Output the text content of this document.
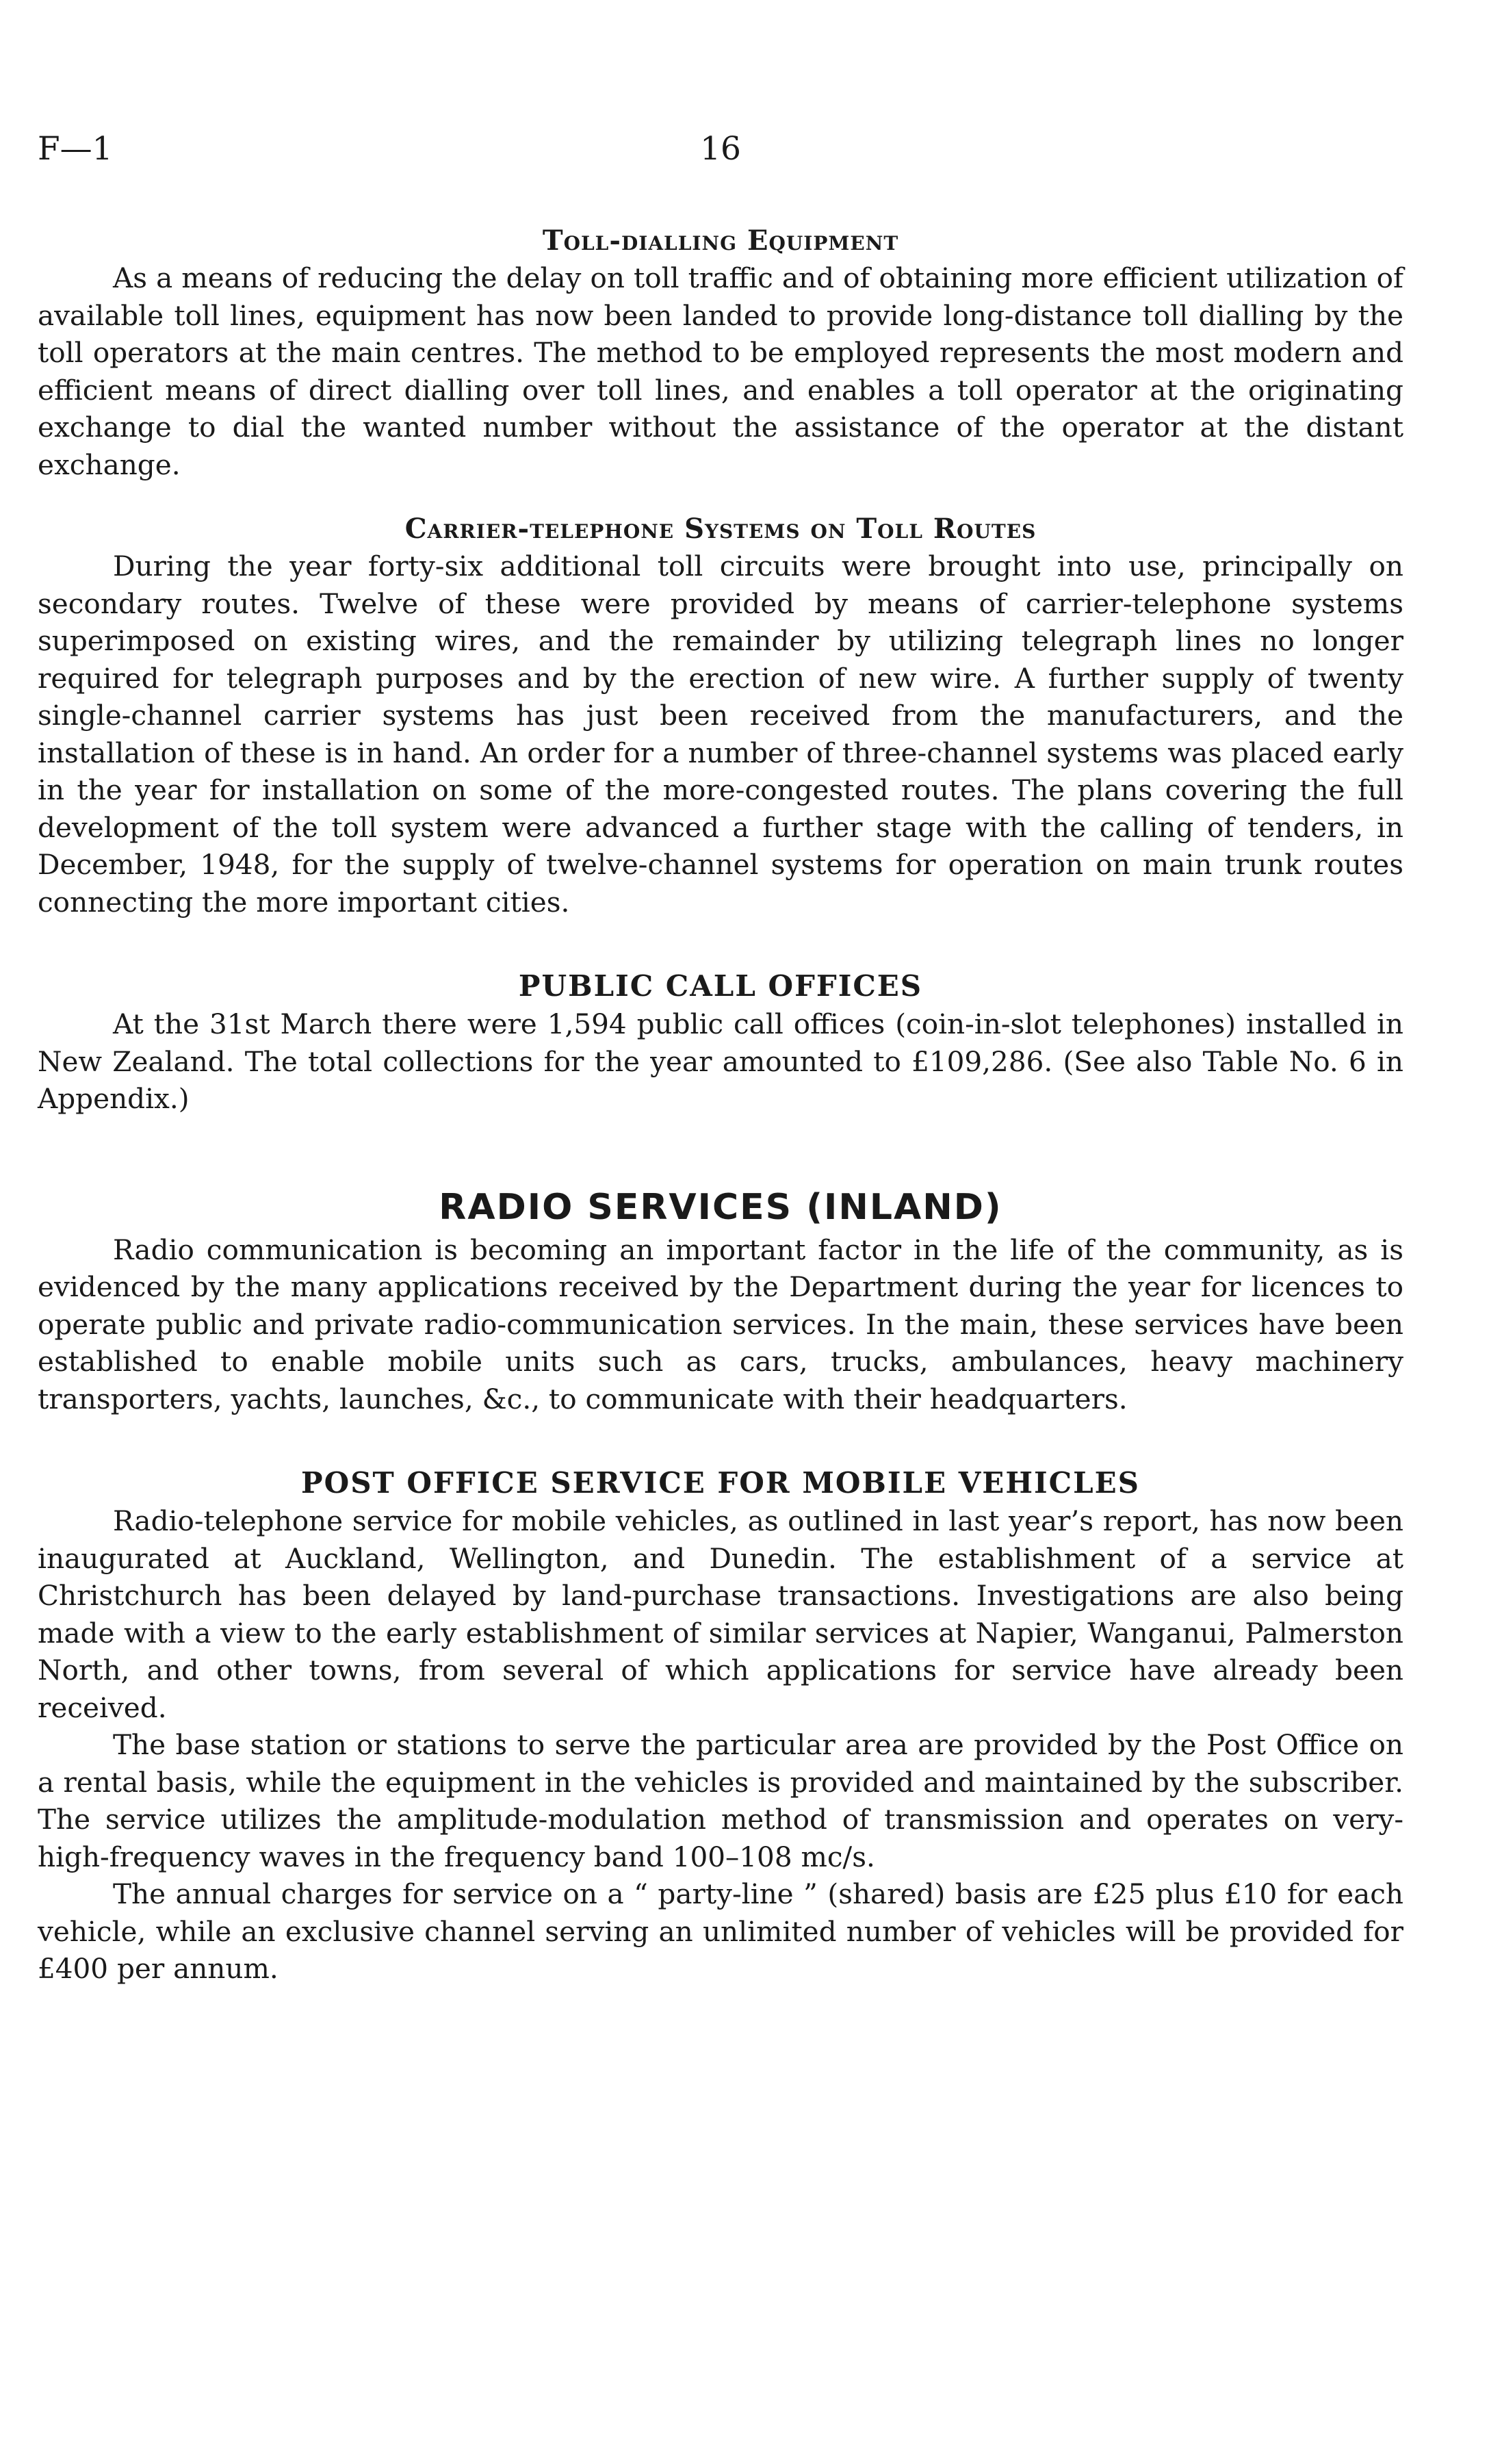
F—1	16
Toll-dialling Equipment

As a means of reducing the delay on toll traffic and of obtaining more efficient utilization of available toll lines, equipment has now been landed to provide long-distance toll dialling by the toll operators at the main centres. The method to be employed represents the most modern and efficient means of direct dialling over toll lines, and enables a toll operator at the originating exchange to dial the wanted number without the assistance of the operator at the distant exchange.

Carrier-telephone Systems on Toll Routes

During the year forty-six additional toll circuits were brought into use, principally on secondary routes. Twelve of these were provided by means of carrier-telephone systems superimposed on existing wires, and the remainder by utilizing telegraph lines no longer required for telegraph purposes and by the erection of new wire. A further supply of twenty single-channel carrier systems has just been received from the manufacturers, and the installation of these is in hand. An order for a number of three-channel systems was placed early in the year for installation on some of the more-congested routes. The plans covering the full development of the toll system were advanced a further stage with the calling of tenders, in December, 1948, for the supply of twelve-channel systems for operation on main trunk routes connecting the more important cities.

PUBLIC CALL OFFICES

At the 31st March there were 1,594 public call offices (coin-in-slot telephones) installed in New Zealand. The total collections for the year amounted to £109,286. (See also Table No. 6 in Appendix.)

RADIO SERVICES (INLAND)

Radio communication is becoming an important factor in the life of the community, as is evidenced by the many applications received by the Department during the year for licences to operate public and private radio-communication services. In the main, these services have been established to enable mobile units such as cars, trucks, ambulances, heavy machinery transporters, yachts, launches, &c., to communicate with their headquarters.

POST OFFICE SERVICE FOR MOBILE VEHICLES

Radio-telephone service for mobile vehicles, as outlined in last year’s report, has now been inaugurated at Auckland, Wellington, and Dunedin. The establishment of a service at Christchurch has been delayed by land-purchase transactions. Investigations are also being made with a view to the early establishment of similar services at Napier, Wanganui, Palmerston North, and other towns, from several of which applications for service have already been received.

The base station or stations to serve the particular area are provided by the Post Office on a rental basis, while the equipment in the vehicles is provided and maintained by the subscriber. The service utilizes the amplitude-modulation method of transmission and operates on very-high-frequency waves in the frequency band 100–108 mc/s.

The annual charges for service on a “ party-line ” (shared) basis are £25 plus £10 for each vehicle, while an exclusive channel serving an unlimited number of vehicles will be provided for £400 per annum.
